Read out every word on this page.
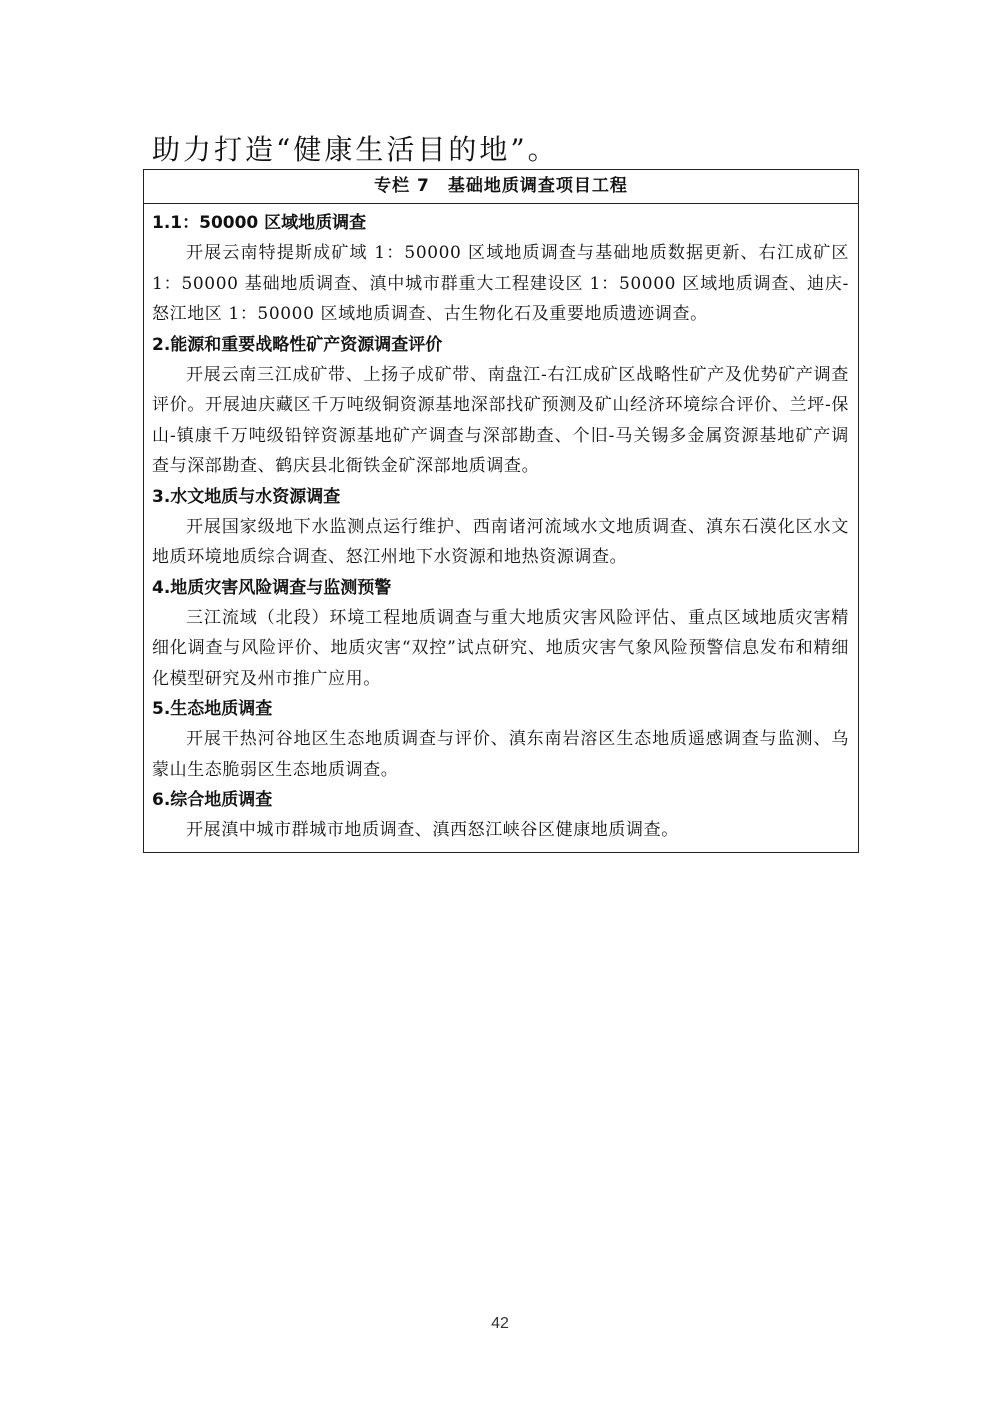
助力打造“健康生活目的地”。

专栏 7　基础地质调查项目工程

1.1：50000 区域地质调查

开展云南特提斯成矿域 1：50000 区域地质调查与基础地质数据更新、右江成矿区 1：50000 基础地质调查、滇中城市群重大工程建设区 1：50000 区域地质调查、迪庆-怒江地区 1：50000 区域地质调查、古生物化石及重要地质遗迹调查。

2.能源和重要战略性矿产资源调查评价

开展云南三江成矿带、上扬子成矿带、南盘江-右江成矿区战略性矿产及优势矿产调查评价。开展迪庆藏区千万吨级铜资源基地深部找矿预测及矿山经济环境综合评价、兰坪-保山-镇康千万吨级铅锌资源基地矿产调查与深部勘查、个旧-马关锡多金属资源基地矿产调查与深部勘查、鹤庆县北衙铁金矿深部地质调查。

3.水文地质与水资源调查

开展国家级地下水监测点运行维护、西南诸河流域水文地质调查、滇东石漠化区水文地质环境地质综合调查、怒江州地下水资源和地热资源调查。

4.地质灾害风险调查与监测预警

三江流域（北段）环境工程地质调查与重大地质灾害风险评估、重点区域地质灾害精细化调查与风险评价、地质灾害“双控”试点研究、地质灾害气象风险预警信息发布和精细化模型研究及州市推广应用。

5.生态地质调查

开展干热河谷地区生态地质调查与评价、滇东南岩溶区生态地质遥感调查与监测、乌蒙山生态脆弱区生态地质调查。

6.综合地质调查

开展滇中城市群城市地质调查、滇西怒江峡谷区健康地质调查。

42
